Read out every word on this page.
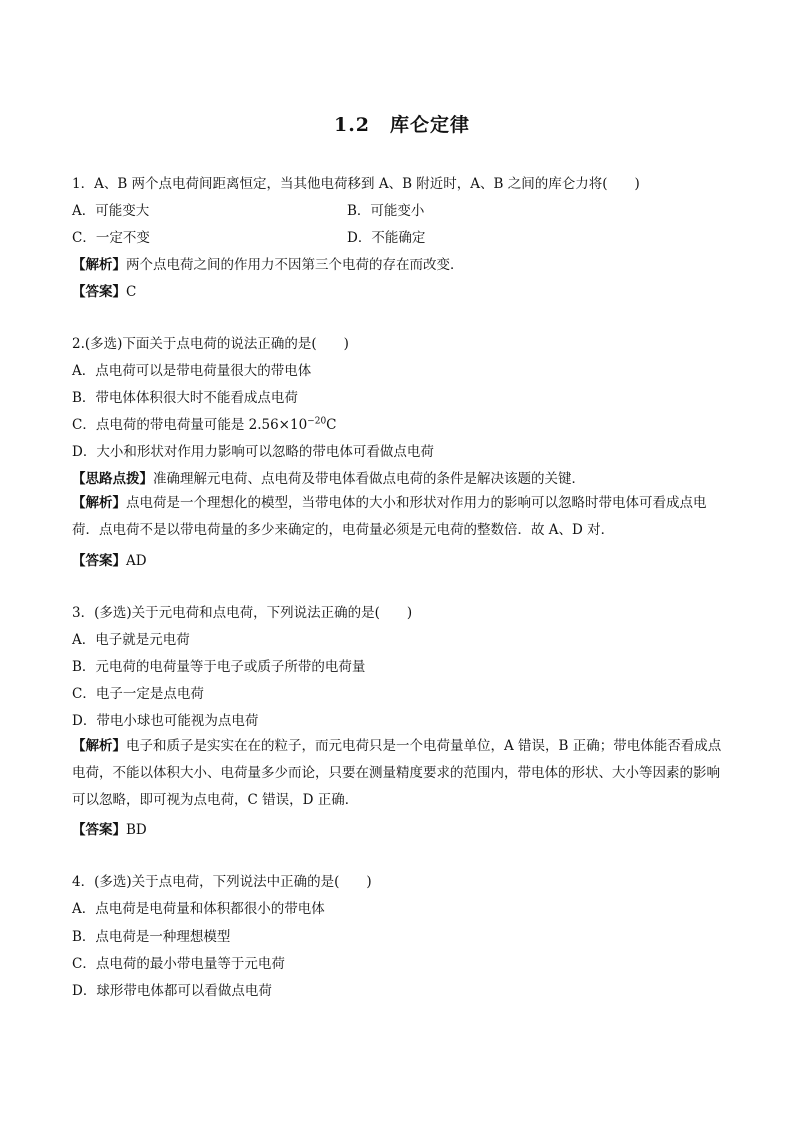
1.2　库仑定律
1．A、B 两个点电荷间距离恒定，当其他电荷移到 A、B 附近时，A、B 之间的库仑力将(　　)
A．可能变大	B．可能变小
C．一定不变	D．不能确定
【解析】两个点电荷之间的作用力不因第三个电荷的存在而改变．
【答案】C
2.(多选)下面关于点电荷的说法正确的是(　　)
A．点电荷可以是带电荷量很大的带电体
B．带电体体积很大时不能看成点电荷
C．点电荷的带电荷量可能是 $2.56\times 10^{-20}C$
D．大小和形状对作用力影响可以忽略的带电体可看做点电荷
【思路点拨】准确理解元电荷、点电荷及带电体看做点电荷的条件是解决该题的关键．
【解析】点电荷是一个理想化的模型，当带电体的大小和形状对作用力的影响可以忽略时带电体可看成点电荷．点电荷不是以带电荷量的多少来确定的，电荷量必须是元电荷的整数倍．故 A、D 对．
【答案】AD
3．(多选)关于元电荷和点电荷，下列说法正确的是(　　)
A．电子就是元电荷
B．元电荷的电荷量等于电子或质子所带的电荷量
C．电子一定是点电荷
D．带电小球也可能视为点电荷
【解析】电子和质子是实实在在的粒子，而元电荷只是一个电荷量单位，A 错误，B 正确；带电体能否看成点电荷，不能以体积大小、电荷量多少而论，只要在测量精度要求的范围内，带电体的形状、大小等因素的影响可以忽略，即可视为点电荷，C 错误，D 正确．
【答案】BD
4．(多选)关于点电荷，下列说法中正确的是(　　)
A．点电荷是电荷量和体积都很小的带电体
B．点电荷是一种理想模型
C．点电荷的最小带电量等于元电荷
D．球形带电体都可以看做点电荷
